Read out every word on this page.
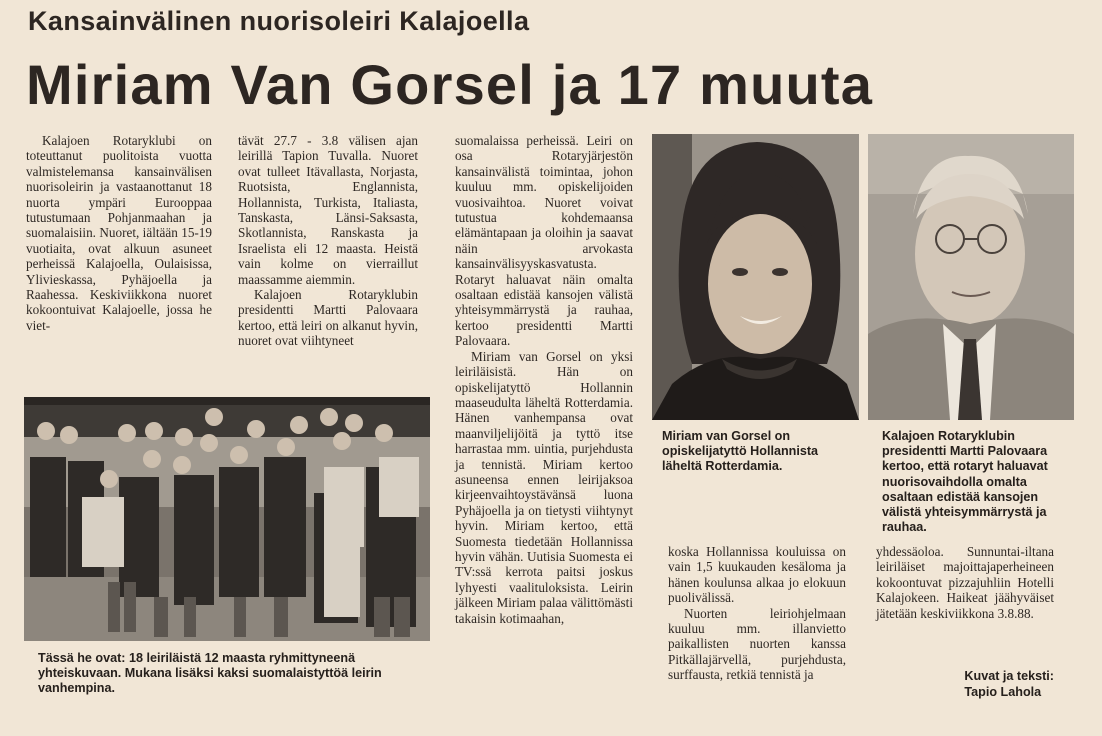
Kansainvälinen nuorisoleiri Kalajoella
Miriam Van Gorsel ja 17 muuta

Kalajoen Rotaryklubi on toteuttanut puolitoista vuotta valmistelemansa kansainvälisen nuorisoleirin ja vastaanottanut 18 nuorta ympäri Eurooppaa tutustumaan Pohjanmaahan ja suomalaisiin. Nuoret, iältään 15-19 vuotiaita, ovat alkuun asuneet perheissä Kalajoella, Oulaisissa, Ylivieskassa, Pyhäjoella ja Raahessa. Keskiviikkona nuoret kokoontuivat Kalajoelle, jossa he viet-

tävät 27.7 - 3.8 välisen ajan leirillä Tapion Tuvalla. Nuoret ovat tulleet Itävallasta, Norjasta, Ruotsista, Englannista, Hollannista, Turkista, Italiasta, Tanskasta, Länsi-Saksasta, Skotlannista, Ranskasta ja Israelista eli 12 maasta. Heistä vain kolme on vierraillut maassamme aiemmin.

Kalajoen Rotaryklubin presidentti Martti Palovaara kertoo, että leiri on alkanut hyvin, nuoret ovat viihtyneet

suomalaissa perheissä. Leiri on osa Rotaryjärjestön kansainvälistä toimintaa, johon kuuluu mm. opiskelijoiden vuosivaihtoa. Nuoret voivat tutustua kohdemaansa elämäntapaan ja oloihin ja saavat näin arvokasta kansainvälisyyskasvatusta. Rotaryt haluavat näin omalta osaltaan edistää kansojen välistä yhteisymmärrystä ja rauhaa, kertoo presidentti Martti Palovaara.

Miriam van Gorsel on yksi leiriläisistä. Hän on opiskelijatyttö Hollannin maaseudulta läheltä Rotterdamia. Hänen vanhempansa ovat maanviljelijöitä ja tyttö itse harrastaa mm. uintia, purjehdusta ja tennistä. Miriam kertoo asuneensa ennen leirijaksoa kirjeenvaihtoystävänsä luona Pyhäjoella ja on tietysti viihtynyt hyvin. Miriam kertoo, että Suomesta tiedetään Hollannissa hyvin vähän. Uutisia Suomesta ei TV:ssä kerrota paitsi joskus lyhyesti vaalituloksista. Leirin jälkeen Miriam palaa välittömästi takaisin kotimaahan,

koska Hollannissa kouluissa on vain 1,5 kuukauden kesäloma ja hänen koulunsa alkaa jo elokuun puolivälissä.

Nuorten leiriohjelmaan kuuluu mm. illanvietto paikallisten nuorten kanssa Pitkällajärvellä, purjehdusta, surffausta, retkiä tennistä ja

yhdessäoloa. Sunnuntai-iltana leiriläiset majoittajaperheineen kokoontuvat pizzajuhliin Hotelli Kalajokeen. Haikeat jäähyväiset jätetään keskiviikkona 3.8.88.

Tässä he ovat: 18 leiriläistä 12 maasta ryhmittyneenä yhteiskuvaan. Mukana lisäksi kaksi suomalaistyttöä leirin vanhempina.
Miriam van Gorsel on opiskelijatyttö Hollannista läheltä Rotterdamia.
Kalajoen Rotaryklubin presidentti Martti Palovaara kertoo, että rotaryt haluavat nuorisovaihdolla omalta osaltaan edistää kansojen välistä yhteisymmärrystä ja rauhaa.
Kuvat ja teksti:
Tapio Lahola
